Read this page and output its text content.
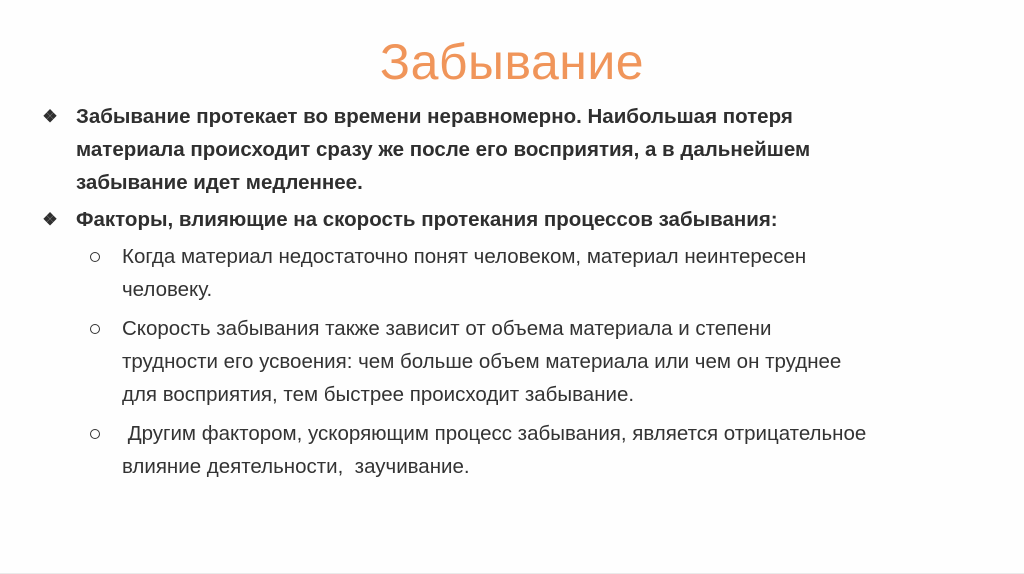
Забывание
❖ Забывание протекает во времени неравномерно. Наибольшая потеря
материала происходит сразу же после его восприятия, а в дальнейшем
забывание идет медленнее.
❖ Факторы, влияющие на скорость протекания процессов забывания:
Когда материал недостаточно понят человеком, материал неинтересен
человеку.
Скорость забывания также зависит от объема материала и степени
трудности его усвоения: чем больше объем материала или чем он труднее
для восприятия, тем быстрее происходит забывание.
Другим фактором, ускоряющим процесс забывания, является отрицательное
влияние деятельности,  заучивание.
